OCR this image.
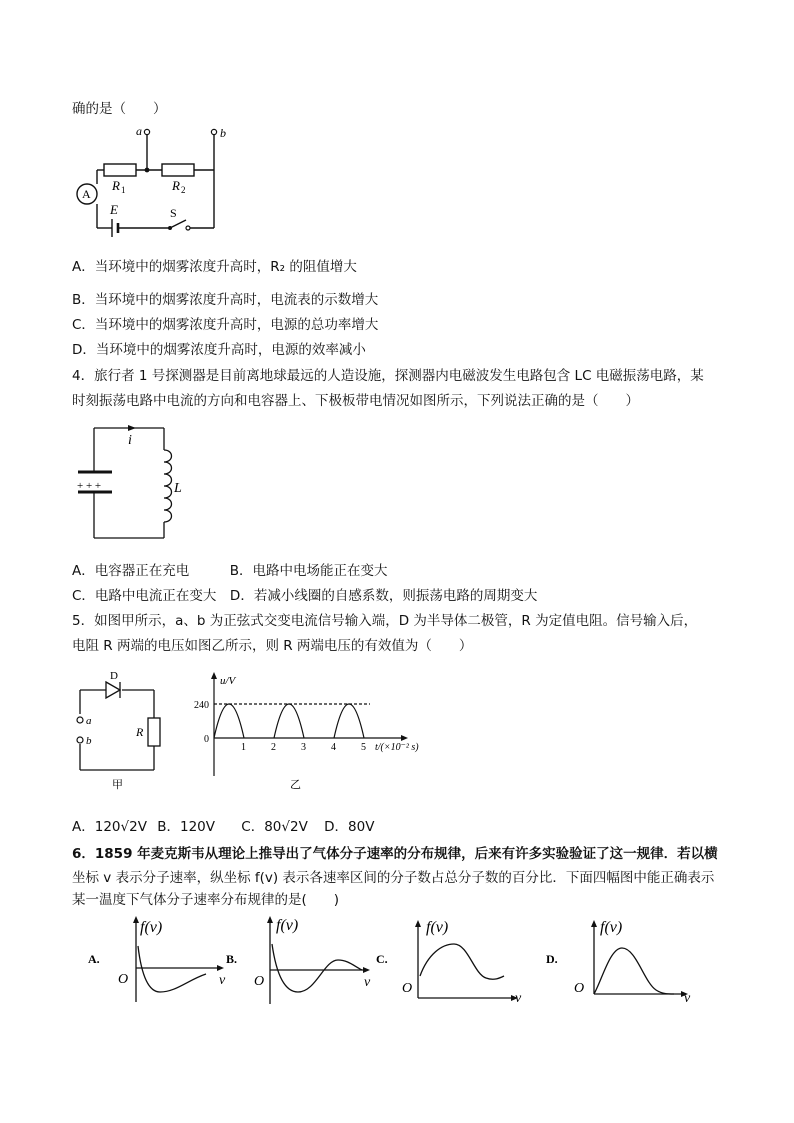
确的是（　　）
a	b
R 1	R 2
A
E	S
A．当环境中的烟雾浓度升高时，R₂ 的阻值增大
B．当环境中的烟雾浓度升高时，电流表的示数增大
C．当环境中的烟雾浓度升高时，电源的总功率增大
D．当环境中的烟雾浓度升高时，电源的效率减小
4．旅行者 1 号探测器是目前离地球最远的人造设施，探测器内电磁波发生电路包含 LC 电磁振荡电路，某
时刻振荡电路中电流的方向和电容器上、下极板带电情况如图所示，下列说法正确的是（　　）
i
L
+ + +
A．电容器正在充电　　　B．电路中电场能正在变大
C．电路中电流正在变大　D．若减小线圈的自感系数，则振荡电路的周期变大
5．如图甲所示，a、b 为正弦式交变电流信号输入端，D 为半导体二极管，R 为定值电阻。信号输入后，
电阻 R 两端的电压如图乙所示，则 R 两端电压的有效值为（　　）
D
a
b
R
甲
u/V
240
0
1	2	3	4	5 t/(×10⁻² s)
乙
A．120√2V B．120V C．80√2V D．80V
6．1859 年麦克斯韦从理论上推导出了气体分子速率的分布规律，后来有许多实验验证了这一规律．若以横
坐标 v 表示分子速率，纵坐标 f(v) 表示各速率区间的分子数占总分子数的百分比．下面四幅图中能正确表示
某一温度下气体分子速率分布规律的是(　　)
A.
f(v)
O	v
B.
f(v)
O	v
C.
f(v)
O
v
D.
f(v)
O
v
